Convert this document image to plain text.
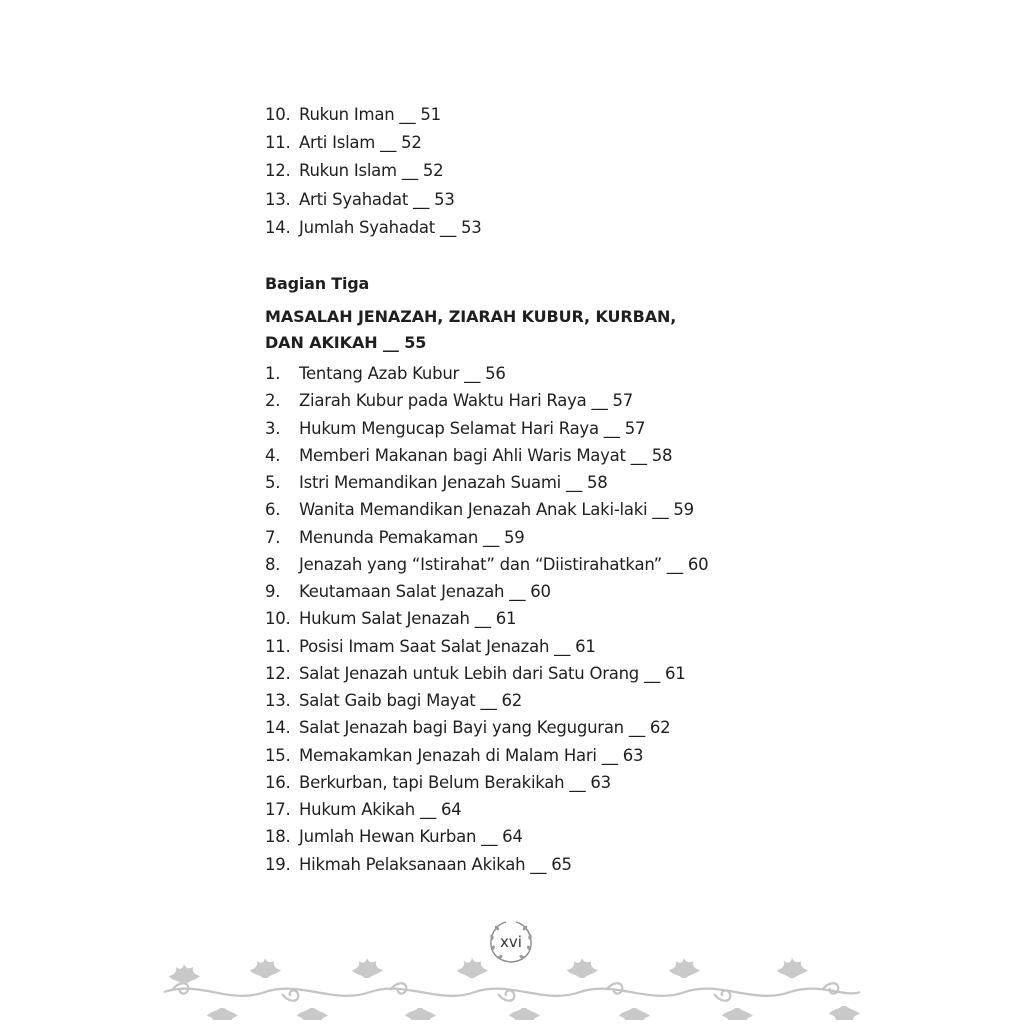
10. Rukun Iman __ 51
11. Arti Islam __ 52
12. Rukun Islam __ 52
13. Arti Syahadat __ 53
14. Jumlah Syahadat __ 53
Bagian Tiga
MASALAH JENAZAH, ZIARAH KUBUR, KURBAN,
DAN AKIKAH __ 55
1. Tentang Azab Kubur __ 56
2. Ziarah Kubur pada Waktu Hari Raya __ 57
3. Hukum Mengucap Selamat Hari Raya __ 57
4. Memberi Makanan bagi Ahli Waris Mayat __ 58
5. Istri Memandikan Jenazah Suami __ 58
6. Wanita Memandikan Jenazah Anak Laki-laki __ 59
7. Menunda Pemakaman __ 59
8. Jenazah yang “Istirahat” dan “Diistirahatkan” __ 60
9. Keutamaan Salat Jenazah __ 60
10. Hukum Salat Jenazah __ 61
11. Posisi Imam Saat Salat Jenazah __ 61
12. Salat Jenazah untuk Lebih dari Satu Orang __ 61
13. Salat Gaib bagi Mayat __ 62
14. Salat Jenazah bagi Bayi yang Keguguran __ 62
15. Memakamkan Jenazah di Malam Hari __ 63
16. Berkurban, tapi Belum Berakikah __ 63
17. Hukum Akikah __ 64
18. Jumlah Hewan Kurban __ 64
19. Hikmah Pelaksanaan Akikah __ 65
xvi
